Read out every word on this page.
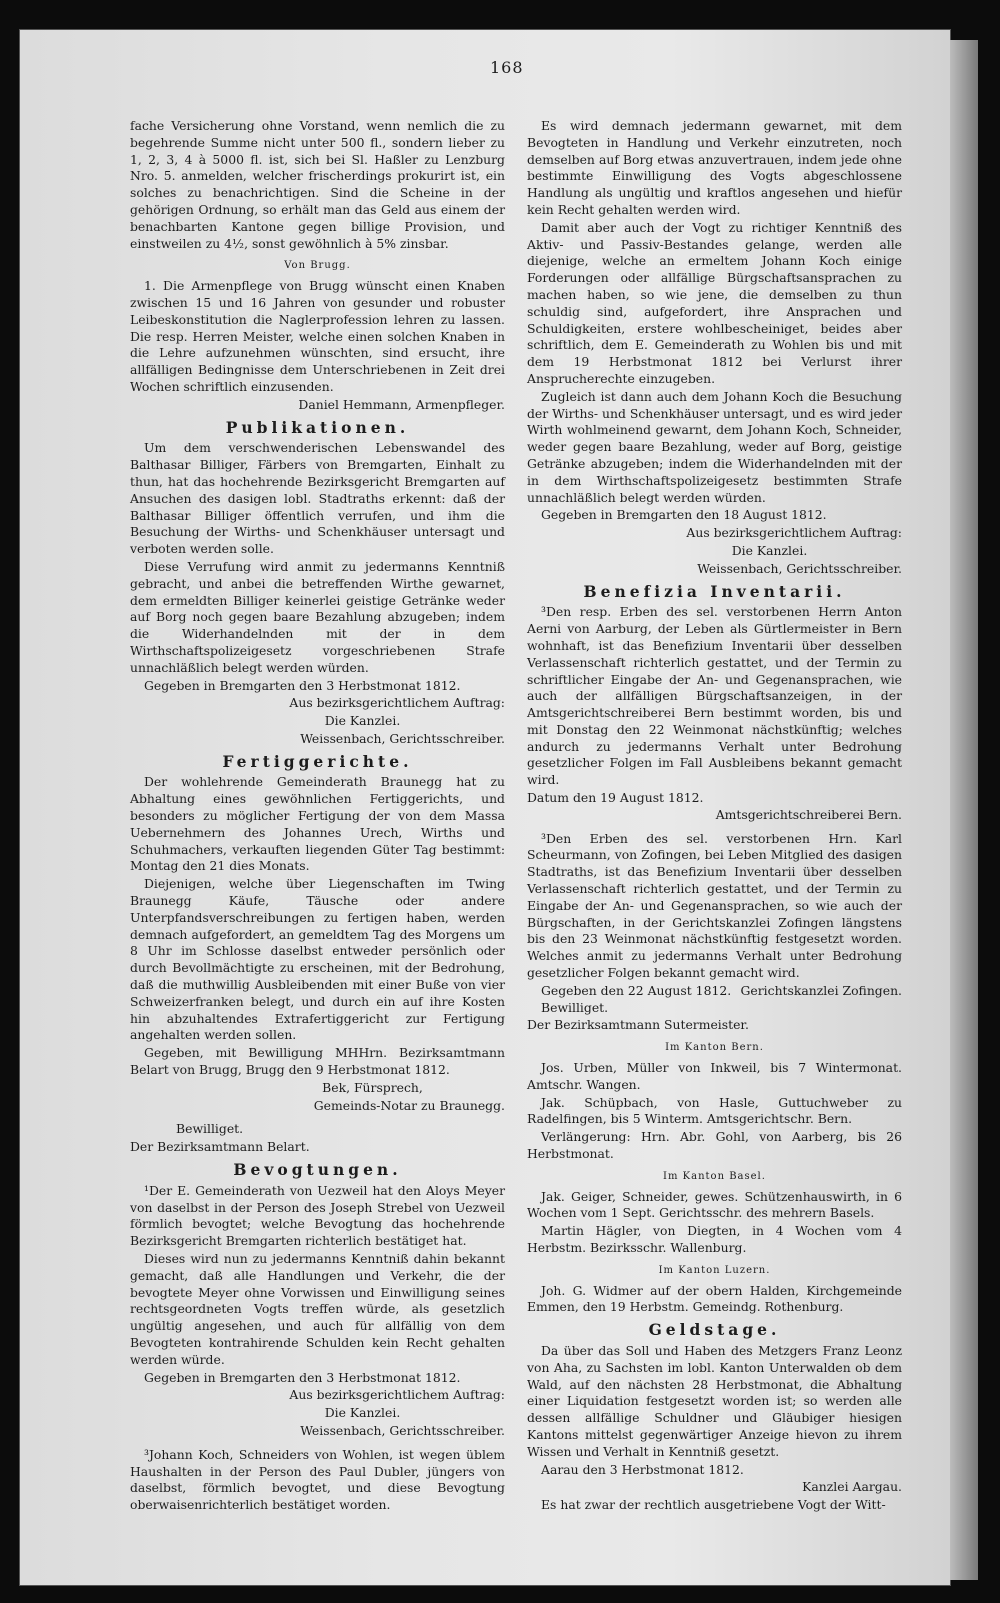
168

fache Versicherung ohne Vorstand, wenn nemlich die zu begehrende Summe nicht unter 500 fl., sondern lieber zu 1, 2, 3, 4 à 5000 fl. ist, sich bei Sl. Haßler zu Lenzburg Nro. 5. anmelden, welcher frischerdings prokurirt ist, ein solches zu benachrichtigen. Sind die Scheine in der gehörigen Ordnung, so erhält man das Geld aus einem der benachbarten Kantone gegen billige Provision, und einstweilen zu 4½, sonst gewöhnlich à 5% zinsbar.

Von Brugg.

1. Die Armenpflege von Brugg wünscht einen Knaben zwischen 15 und 16 Jahren von gesunder und robuster Leibeskonstitution die Naglerprofession lehren zu lassen. Die resp. Herren Meister, welche einen solchen Knaben in die Lehre aufzunehmen wünschten, sind ersucht, ihre allfälligen Bedingnisse dem Unterschriebenen in Zeit drei Wochen schriftlich einzusenden.

Daniel Hemmann, Armenpfleger.

Publikationen.

Um dem verschwenderischen Lebenswandel des Balthasar Billiger, Färbers von Bremgarten, Einhalt zu thun, hat das hochehrende Bezirksgericht Bremgarten auf Ansuchen des dasigen lobl. Stadtraths erkennt: daß der Balthasar Billiger öffentlich verrufen, und ihm die Besuchung der Wirths- und Schenkhäuser untersagt und verboten werden solle.

Diese Verrufung wird anmit zu jedermanns Kenntniß gebracht, und anbei die betreffenden Wirthe gewarnet, dem ermeldten Billiger keinerlei geistige Getränke weder auf Borg noch gegen baare Bezahlung abzugeben; indem die Widerhandelnden mit der in dem Wirthschaftspolizeigesetz vorgeschriebenen Strafe unnachläßlich belegt werden würden.

Gegeben in Bremgarten den 3 Herbstmonat 1812.

Aus bezirksgerichtlichem Auftrag:

Die Kanzlei.

Weissenbach, Gerichtsschreiber.

Fertiggerichte.

Der wohlehrende Gemeinderath Braunegg hat zu Abhaltung eines gewöhnlichen Fertiggerichts, und besonders zu möglicher Fertigung der von dem Massa Uebernehmern des Johannes Urech, Wirths und Schuhmachers, verkauften liegenden Güter Tag bestimmt: Montag den 21 dies Monats.

Diejenigen, welche über Liegenschaften im Twing Braunegg Käufe, Täusche oder andere Unterpfandsverschreibungen zu fertigen haben, werden demnach aufgefordert, an gemeldtem Tag des Morgens um 8 Uhr im Schlosse daselbst entweder persönlich oder durch Bevollmächtigte zu erscheinen, mit der Bedrohung, daß die muthwillig Ausbleibenden mit einer Buße von vier Schweizerfranken belegt, und durch ein auf ihre Kosten hin abzuhaltendes Extrafertiggericht zur Fertigung angehalten werden sollen.

Gegeben, mit Bewilligung MHHrn. Bezirksamtmann Belart von Brugg, Brugg den 9 Herbstmonat 1812.

Bek, Fürsprech,

Gemeinds-Notar zu Braunegg.

Bewilliget.

Der Bezirksamtmann Belart.

Bevogtungen.

¹Der E. Gemeinderath von Uezweil hat den Aloys Meyer von daselbst in der Person des Joseph Strebel von Uezweil förmlich bevogtet; welche Bevogtung das hochehrende Bezirksgericht Bremgarten richterlich bestätiget hat.

Dieses wird nun zu jedermanns Kenntniß dahin bekannt gemacht, daß alle Handlungen und Verkehr, die der bevogtete Meyer ohne Vorwissen und Einwilligung seines rechtsgeordneten Vogts treffen würde, als gesetzlich ungültig angesehen, und auch für allfällig von dem Bevogteten kontrahirende Schulden kein Recht gehalten werden würde.

Gegeben in Bremgarten den 3 Herbstmonat 1812.

Aus bezirksgerichtlichem Auftrag:

Die Kanzlei.

Weissenbach, Gerichtsschreiber.

³Johann Koch, Schneiders von Wohlen, ist wegen üblem Haushalten in der Person des Paul Dubler, jüngers von daselbst, förmlich bevogtet, und diese Bevogtung oberwaisenrichterlich bestätiget worden.

Es wird demnach jedermann gewarnet, mit dem Bevogteten in Handlung und Verkehr einzutreten, noch demselben auf Borg etwas anzuvertrauen, indem jede ohne bestimmte Einwilligung des Vogts abgeschlossene Handlung als ungültig und kraftlos angesehen und hiefür kein Recht gehalten werden wird.

Damit aber auch der Vogt zu richtiger Kenntniß des Aktiv- und Passiv-Bestandes gelange, werden alle diejenige, welche an ermeltem Johann Koch einige Forderungen oder allfällige Bürgschaftsansprachen zu machen haben, so wie jene, die demselben zu thun schuldig sind, aufgefordert, ihre Ansprachen und Schuldigkeiten, erstere wohlbescheiniget, beides aber schriftlich, dem E. Gemeinderath zu Wohlen bis und mit dem 19 Herbstmonat 1812 bei Verlurst ihrer Ansprucherechte einzugeben.

Zugleich ist dann auch dem Johann Koch die Besuchung der Wirths- und Schenkhäuser untersagt, und es wird jeder Wirth wohlmeinend gewarnt, dem Johann Koch, Schneider, weder gegen baare Bezahlung, weder auf Borg, geistige Getränke abzugeben; indem die Widerhandelnden mit der in dem Wirthschaftspolizeigesetz bestimmten Strafe unnachläßlich belegt werden würden.

Gegeben in Bremgarten den 18 August 1812.

Aus bezirksgerichtlichem Auftrag:

Die Kanzlei.

Weissenbach, Gerichtsschreiber.

Benefizia Inventarii.

³Den resp. Erben des sel. verstorbenen Herrn Anton Aerni von Aarburg, der Leben als Gürtlermeister in Bern wohnhaft, ist das Benefizium Inventarii über desselben Verlassenschaft richterlich gestattet, und der Termin zu schriftlicher Eingabe der An- und Gegenansprachen, wie auch der allfälligen Bürgschaftsanzeigen, in der Amtsgerichtschreiberei Bern bestimmt worden, bis und mit Donstag den 22 Weinmonat nächstkünftig; welches andurch zu jedermanns Verhalt unter Bedrohung gesetzlicher Folgen im Fall Ausbleibens bekannt gemacht wird.

Datum den 19 August 1812.

Amtsgerichtschreiberei Bern.

³Den Erben des sel. verstorbenen Hrn. Karl Scheurmann, von Zofingen, bei Leben Mitglied des dasigen Stadtraths, ist das Benefizium Inventarii über desselben Verlassenschaft richterlich gestattet, und der Termin zu Eingabe der An- und Gegenansprachen, so wie auch der Bürgschaften, in der Gerichtskanzlei Zofingen längstens bis den 23 Weinmonat nächstkünftig festgesetzt worden. Welches anmit zu jedermanns Verhalt unter Bedrohung gesetzlicher Folgen bekannt gemacht wird.

Gegeben den 22 August 1812. Gerichtskanzlei Zofingen.

Bewilliget.

Der Bezirksamtmann Sutermeister.

Im Kanton Bern.

Jos. Urben, Müller von Inkweil, bis 7 Wintermonat. Amtschr. Wangen.

Jak. Schüpbach, von Hasle, Guttuchweber zu Radelfingen, bis 5 Winterm. Amtsgerichtschr. Bern.

Verlängerung: Hrn. Abr. Gohl, von Aarberg, bis 26 Herbstmonat.

Im Kanton Basel.

Jak. Geiger, Schneider, gewes. Schützenhauswirth, in 6 Wochen vom 1 Sept. Gerichtsschr. des mehrern Basels.

Martin Hägler, von Diegten, in 4 Wochen vom 4 Herbstm. Bezirksschr. Wallenburg.

Im Kanton Luzern.

Joh. G. Widmer auf der obern Halden, Kirchgemeinde Emmen, den 19 Herbstm. Gemeindg. Rothenburg.

Geldstage.

Da über das Soll und Haben des Metzgers Franz Leonz von Aha, zu Sachsten im lobl. Kanton Unterwalden ob dem Wald, auf den nächsten 28 Herbstmonat, die Abhaltung einer Liquidation festgesetzt worden ist; so werden alle dessen allfällige Schuldner und Gläubiger hiesigen Kantons mittelst gegenwärtiger Anzeige hievon zu ihrem Wissen und Verhalt in Kenntniß gesetzt.

Aarau den 3 Herbstmonat 1812.

Kanzlei Aargau.

Es hat zwar der rechtlich ausgetriebene Vogt der Witt-
